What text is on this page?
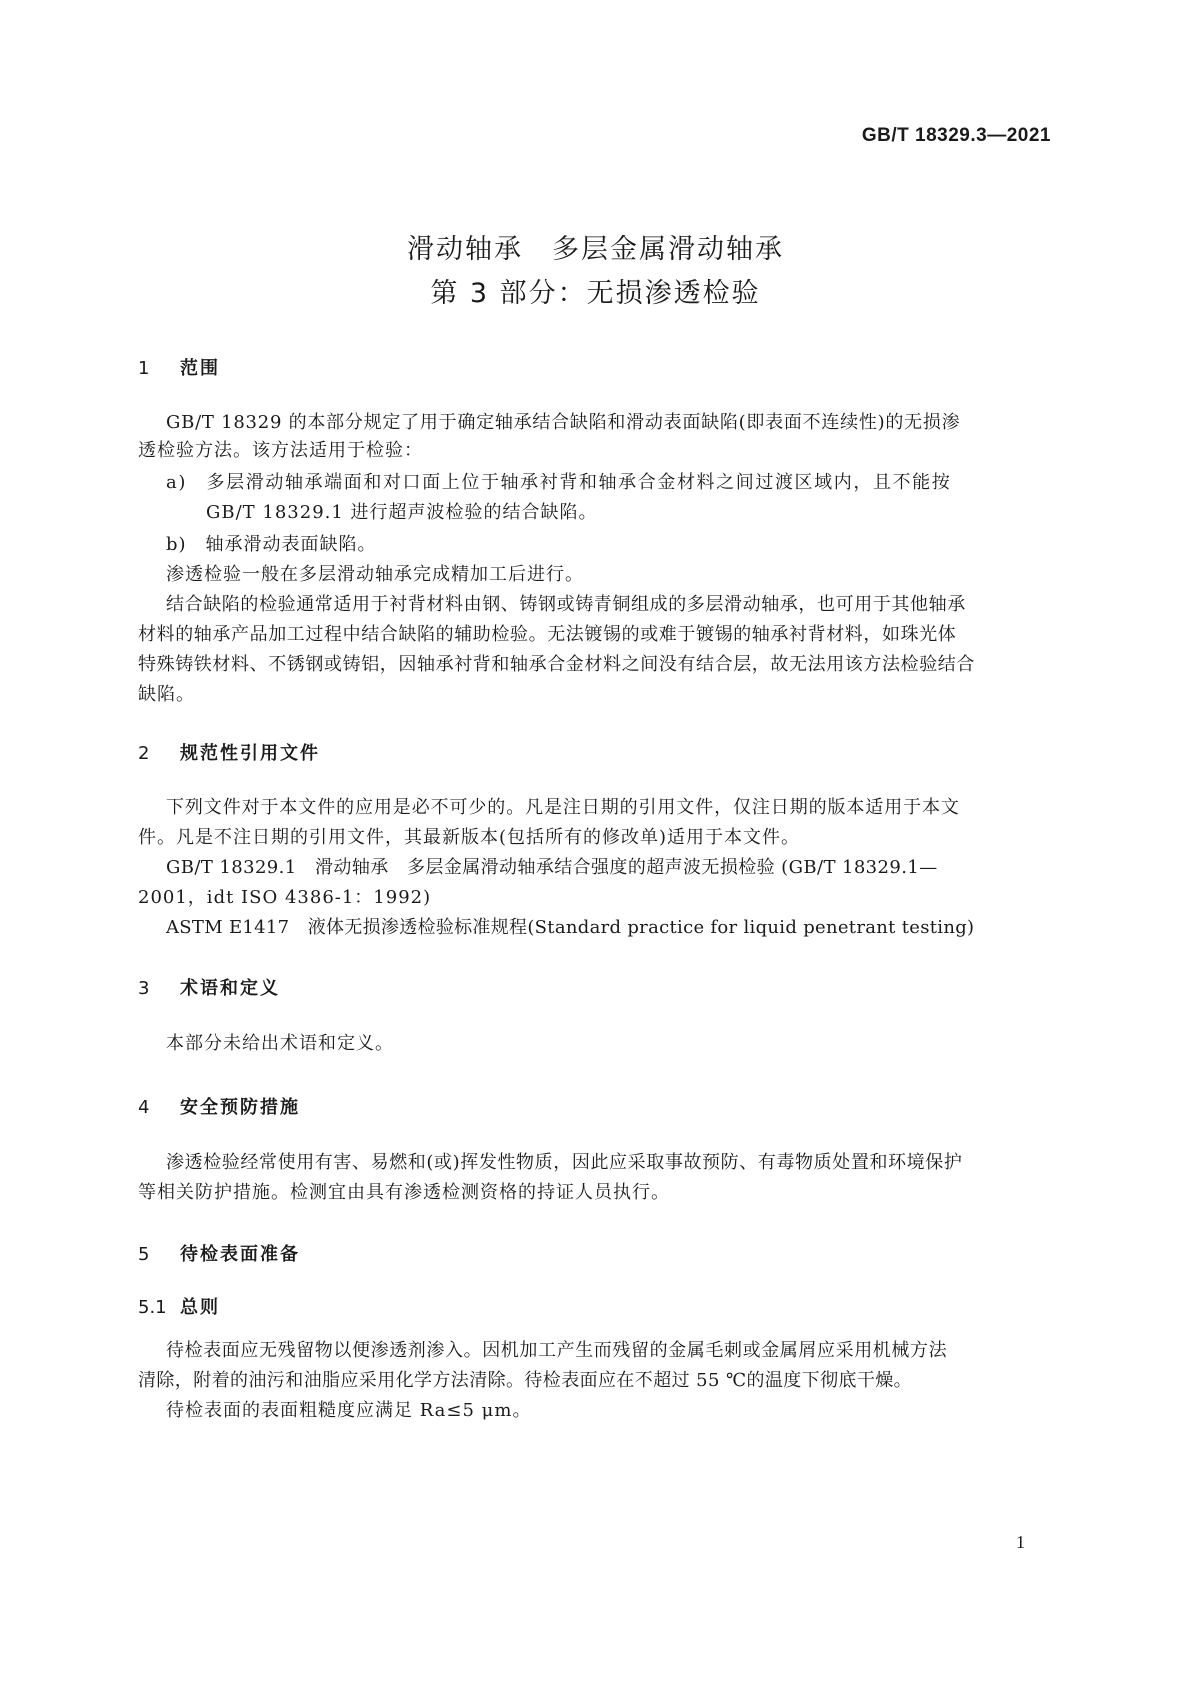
GB/T 18329.3—2021
滑动轴承　多层金属滑动轴承
第 3 部分：无损渗透检验
1 范围
GB/T 18329 的本部分规定了用于确定轴承结合缺陷和滑动表面缺陷(即表面不连续性)的无损渗
透检验方法。该方法适用于检验：
a)　多层滑动轴承端面和对口面上位于轴承衬背和轴承合金材料之间过渡区域内，且不能按
GB/T 18329.1 进行超声波检验的结合缺陷。
b)　轴承滑动表面缺陷。
渗透检验一般在多层滑动轴承完成精加工后进行。
结合缺陷的检验通常适用于衬背材料由钢、铸钢或铸青铜组成的多层滑动轴承，也可用于其他轴承
材料的轴承产品加工过程中结合缺陷的辅助检验。无法镀锡的或难于镀锡的轴承衬背材料，如珠光体
特殊铸铁材料、不锈钢或铸铝，因轴承衬背和轴承合金材料之间没有结合层，故无法用该方法检验结合
缺陷。
2 规范性引用文件
下列文件对于本文件的应用是必不可少的。凡是注日期的引用文件，仅注日期的版本适用于本文
件。凡是不注日期的引用文件，其最新版本(包括所有的修改单)适用于本文件。
GB/T 18329.1　滑动轴承　多层金属滑动轴承结合强度的超声波无损检验 (GB/T 18329.1—
2001，idt ISO 4386-1：1992)
ASTM E1417　液体无损渗透检验标准规程(Standard practice for liquid penetrant testing)
3 术语和定义
本部分未给出术语和定义。
4 安全预防措施
渗透检验经常使用有害、易燃和(或)挥发性物质，因此应采取事故预防、有毒物质处置和环境保护
等相关防护措施。检测宜由具有渗透检测资格的持证人员执行。
5 待检表面准备
5.1 总则
待检表面应无残留物以便渗透剂渗入。因机加工产生而残留的金属毛刺或金属屑应采用机械方法
清除，附着的油污和油脂应采用化学方法清除。待检表面应在不超过 55 ℃的温度下彻底干燥。
待检表面的表面粗糙度应满足 Ra≤5 μm。
1
